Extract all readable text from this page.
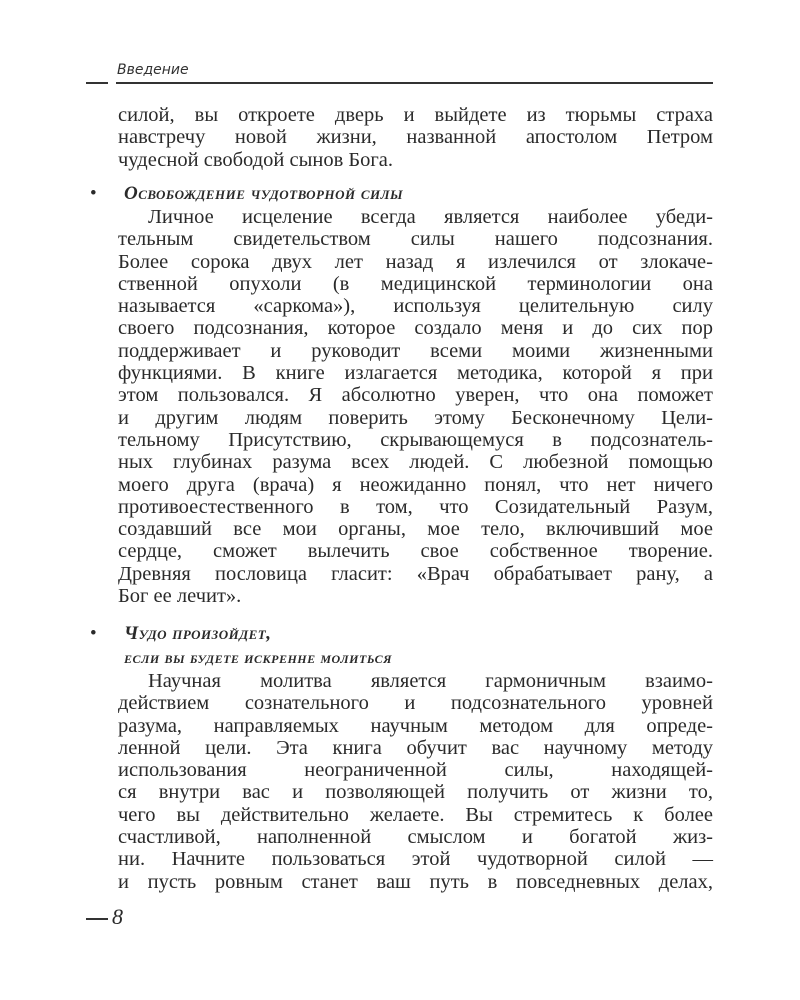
Введение
силой, вы откроете дверь и выйдете из тюрьмы страха
навстречу новой жизни, названной апостолом Петром
чудесной свободой сынов Бога.
• Освобождение чудотворной силы
Личное исцеление всегда является наиболее убеди-
тельным свидетельством силы нашего подсознания.
Более сорока двух лет назад я излечился от злокаче-
ственной опухоли (в медицинской терминологии она
называется «саркома»), используя целительную силу
своего подсознания, которое создало меня и до сих пор
поддерживает и руководит всеми моими жизненными
функциями. В книге излагается методика, которой я при
этом пользовался. Я абсолютно уверен, что она поможет
и другим людям поверить этому Бесконечному Цели-
тельному Присутствию, скрывающемуся в подсознатель-
ных глубинах разума всех людей. С любезной помощью
моего друга (врача) я неожиданно понял, что нет ничего
противоестественного в том, что Созидательный Разум,
создавший все мои органы, мое тело, включивший мое
сердце, сможет вылечить свое собственное творение.
Древняя пословица гласит: «Врач обрабатывает рану, а
Бог ее лечит».
• Чудо произойдет,
если вы будете искренне молиться
Научная молитва является гармоничным взаимо-
действием сознательного и подсознательного уровней
разума, направляемых научным методом для опреде-
ленной цели. Эта книга обучит вас научному методу
использования неограниченной силы, находящей-
ся внутри вас и позволяющей получить от жизни то,
чего вы действительно желаете. Вы стремитесь к более
счастливой, наполненной смыслом и богатой жиз-
ни. Начните пользоваться этой чудотворной силой —
и пусть ровным станет ваш путь в повседневных делах,
8
